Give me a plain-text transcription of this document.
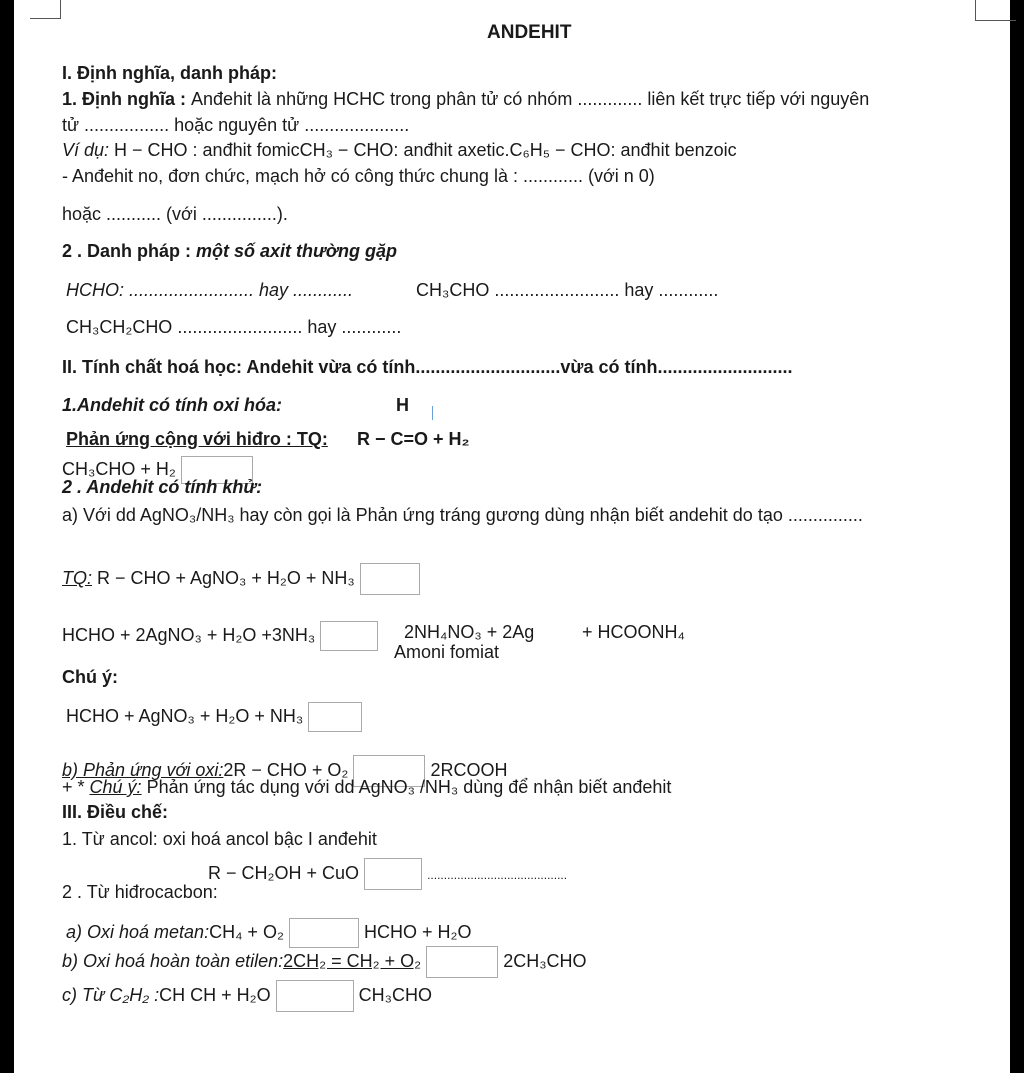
ANDEHIT
I. Định nghĩa, danh pháp:
1. Định nghĩa : Anđehit là những HCHC trong phân tử có nhóm ............. liên kết trực tiếp với nguyên
tử ................. hoặc nguyên tử .....................
Ví dụ: H − CHO : anđhit fomicCH₃ − CHO: anđhit axetic.C₆H₅ − CHO: anđhit benzoic
- Anđehit no, đơn chức, mạch hở có công thức chung là : ............ (với n 0)
hoặc ........... (với ...............).
2 . Danh pháp : một số axit thường gặp
HCHO: ......................... hay ............	CH₃CHO ......................... hay ............
CH₃CH₂CHO ......................... hay ............
II. Tính chất hoá học: Andehit vừa có tính.............................vừa có tính...........................
1.Andehit có tính oxi hóa:	H
Phản ứng cộng với hiđro : TQ: R − C=O + H₂
CH₃CHO + H₂
2 . Andehit có tính khử:
a) Với dd AgNO₃/NH₃ hay còn gọi là Phản ứng tráng gương dùng nhận biết andehit do tạo ...............
TQ: R − CHO + AgNO₃ + H₂O + NH₃
HCHO + 2AgNO₃ + H₂O +3NH₃	2NH₄NO₃ + 2Ag	+ HCOONH₄
Amoni fomiat
Chú ý:
HCHO + AgNO₃ + H₂O + NH₃
b) Phản ứng với oxi:2R − CHO + O₂	2RCOOH
+ * Chú ý: Phản ứng tác dụng với dd AgNO₃ /NH₃ dùng để nhận biết anđehit
III. Điều chế:
1. Từ ancol: oxi hoá ancol bậc I anđehit
R − CH₂OH + CuO	..........................................
2 . Từ hiđrocacbon:
a) Oxi hoá metan:CH₄ + O₂	HCHO + H₂O
b) Oxi hoá hoàn toàn etilen:2CH₂ = CH₂ + O₂	2CH₃CHO
c) Từ C₂H₂ :CH CH + H₂O	CH₃CHO
